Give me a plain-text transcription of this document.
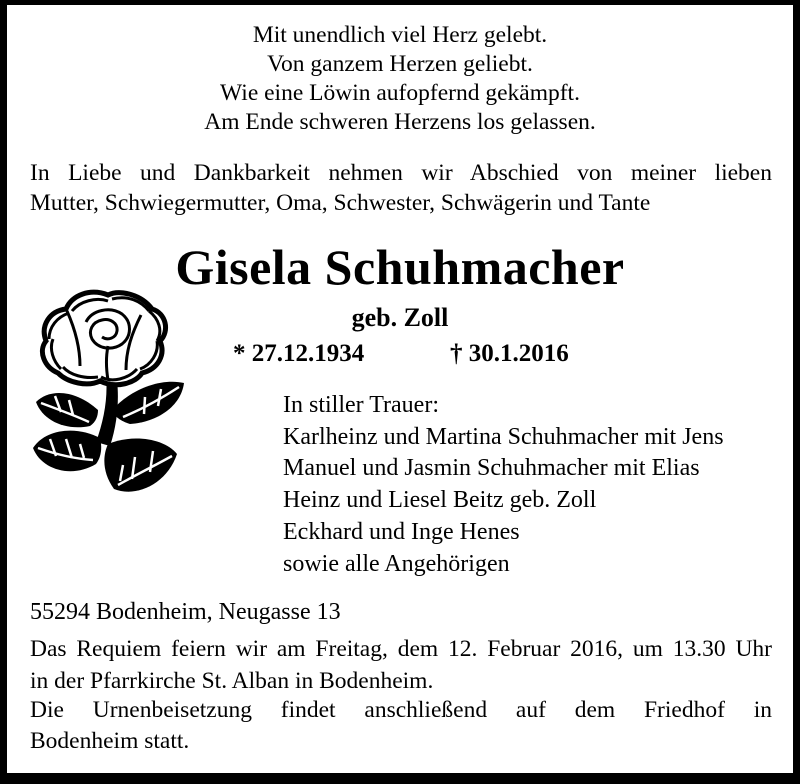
Mit unendlich viel Herz gelebt.
Von ganzem Herzen geliebt.
Wie eine Löwin aufopfernd gekämpft.
Am Ende schweren Herzens los gelassen.
In Liebe und Dankbarkeit nehmen wir Abschied von meiner lieben
Mutter, Schwiegermutter, Oma, Schwester, Schwägerin und Tante
Gisela Schuhmacher
geb. Zoll
* 27.12.1934	† 30.1.2016
In stiller Trauer:
Karlheinz und Martina Schuhmacher mit Jens
Manuel und Jasmin Schuhmacher mit Elias
Heinz und Liesel Beitz geb. Zoll
Eckhard und Inge Henes
sowie alle Angehörigen
55294 Bodenheim, Neugasse 13
Das Requiem feiern wir am Freitag, dem 12. Februar 2016, um 13.30 Uhr
in der Pfarrkirche St. Alban in Bodenheim.
Die Urnenbeisetzung findet anschließend auf dem Friedhof in
Bodenheim statt.
